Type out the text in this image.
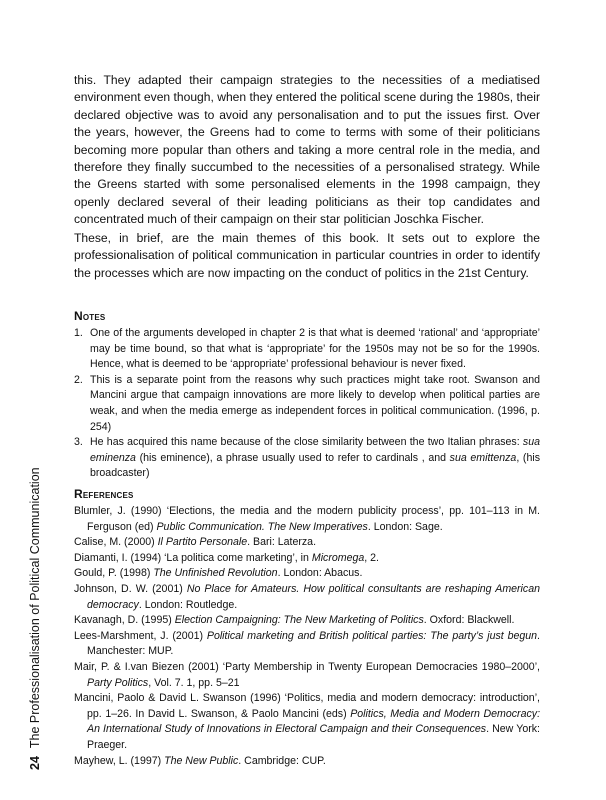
this. They adapted their campaign strategies to the necessities of a mediatised environment even though, when they entered the political scene during the 1980s, their declared objective was to avoid any personalisation and to put the issues first. Over the years, however, the Greens had to come to terms with some of their politicians becoming more popular than others and taking a more central role in the media, and therefore they finally succumbed to the necessities of a personalised strategy. While the Greens started with some personalised elements in the 1998 campaign, they openly declared several of their leading politicians as their top candidates and concentrated much of their campaign on their star politician Joschka Fischer.

These, in brief, are the main themes of this book. It sets out to explore the professionalisation of political communication in particular countries in order to identify the processes which are now impacting on the conduct of politics in the 21st Century.

Notes
1. One of the arguments developed in chapter 2 is that what is deemed ‘rational’ and ‘appropriate’ may be time bound, so that what is ‘appropriate’ for the 1950s may not be so for the 1990s. Hence, what is deemed to be ‘appropriate’ professional behaviour is never fixed.
2. This is a separate point from the reasons why such practices might take root. Swanson and Mancini argue that campaign innovations are more likely to develop when political parties are weak, and when the media emerge as independent forces in political communication. (1996, p. 254)
3. He has acquired this name because of the close similarity between the two Italian phrases: sua eminenza (his eminence), a phrase usually used to refer to cardinals , and sua emittenza, (his broadcaster)
References
Blumler, J. (1990) ‘Elections, the media and the modern publicity process’, pp. 101–113 in M. Ferguson (ed) Public Communication. The New Imperatives. London: Sage.
Calise, M. (2000) Il Partito Personale. Bari: Laterza.
Diamanti, I. (1994) ‘La politica come marketing’, in Micromega, 2.
Gould, P. (1998) The Unfinished Revolution. London: Abacus.
Johnson, D. W. (2001) No Place for Amateurs. How political consultants are reshaping American democracy. London: Routledge.
Kavanagh, D. (1995) Election Campaigning: The New Marketing of Politics. Oxford: Blackwell.
Lees-Marshment, J. (2001) Political marketing and British political parties: The party’s just begun. Manchester: MUP.
Mair, P. & I.van Biezen (2001) ‘Party Membership in Twenty European Democracies 1980–2000’, Party Politics, Vol. 7. 1, pp. 5–21
Mancini, Paolo & David L. Swanson (1996) ‘Politics, media and modern democracy: introduction’, pp. 1–26. In David L. Swanson, & Paolo Mancini (eds) Politics, Media and Modern Democracy: An International Study of Innovations in Electoral Campaign and their Consequences. New York: Praeger.
Mayhew, L. (1997) The New Public. Cambridge: CUP.
24The Professionalisation of Political Communication
